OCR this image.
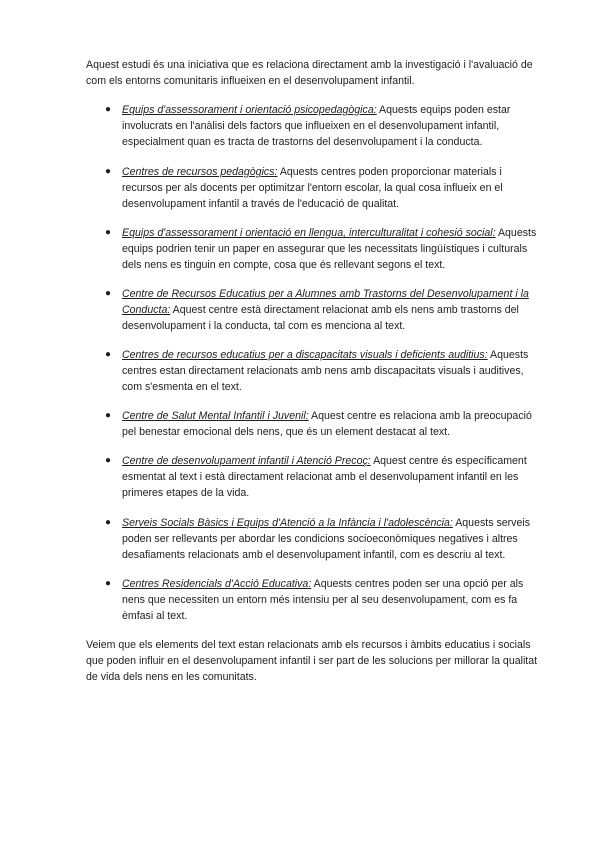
Aquest estudi és una iniciativa que es relaciona directament amb la investigació i l'avaluació de com els entorns comunitaris influeixen en el desenvolupament infantil.

● Equips d'assessorament i orientació psicopedagògica: Aquests equips poden estar involucrats en l'anàlisi dels factors que influeixen en el desenvolupament infantil, especialment quan es tracta de trastorns del desenvolupament i la conducta.
● Centres de recursos pedagògics: Aquests centres poden proporcionar materials i recursos per als docents per optimitzar l'entorn escolar, la qual cosa influeix en el desenvolupament infantil a través de l'educació de qualitat.
● Equips d'assessorament i orientació en llengua, interculturalitat i cohesió social: Aquests equips podrien tenir un paper en assegurar que les necessitats lingüístiques i culturals dels nens es tinguin en compte, cosa que és rellevant segons el text.
● Centre de Recursos Educatius per a Alumnes amb Trastorns del Desenvolupament i la Conducta: Aquest centre està directament relacionat amb els nens amb trastorns del desenvolupament i la conducta, tal com es menciona al text.
● Centres de recursos educatius per a discapacitats visuals i deficients auditius: Aquests centres estan directament relacionats amb nens amb discapacitats visuals i auditives, com s'esmenta en el text.
● Centre de Salut Mental Infantil i Juvenil: Aquest centre es relaciona amb la preocupació pel benestar emocional dels nens, que és un element destacat al text.
● Centre de desenvolupament infantil i Atenció Precoç: Aquest centre és específicament esmentat al text i està directament relacionat amb el desenvolupament infantil en les primeres etapes de la vida.
● Serveis Socials Bàsics i Equips d'Atenció a la Infància i l'adolescència: Aquests serveis poden ser rellevants per abordar les condicions socioeconòmiques negatives i altres desafiaments relacionats amb el desenvolupament infantil, com es descriu al text.
● Centres Residencials d'Acció Educativa: Aquests centres poden ser una opció per als nens que necessiten un entorn més intensiu per al seu desenvolupament, com es fa èmfasi al text.

Veiem que els elements del text estan relacionats amb els recursos i àmbits educatius i socials que poden influir en el desenvolupament infantil i ser part de les solucions per millorar la qualitat de vida dels nens en les comunitats.
